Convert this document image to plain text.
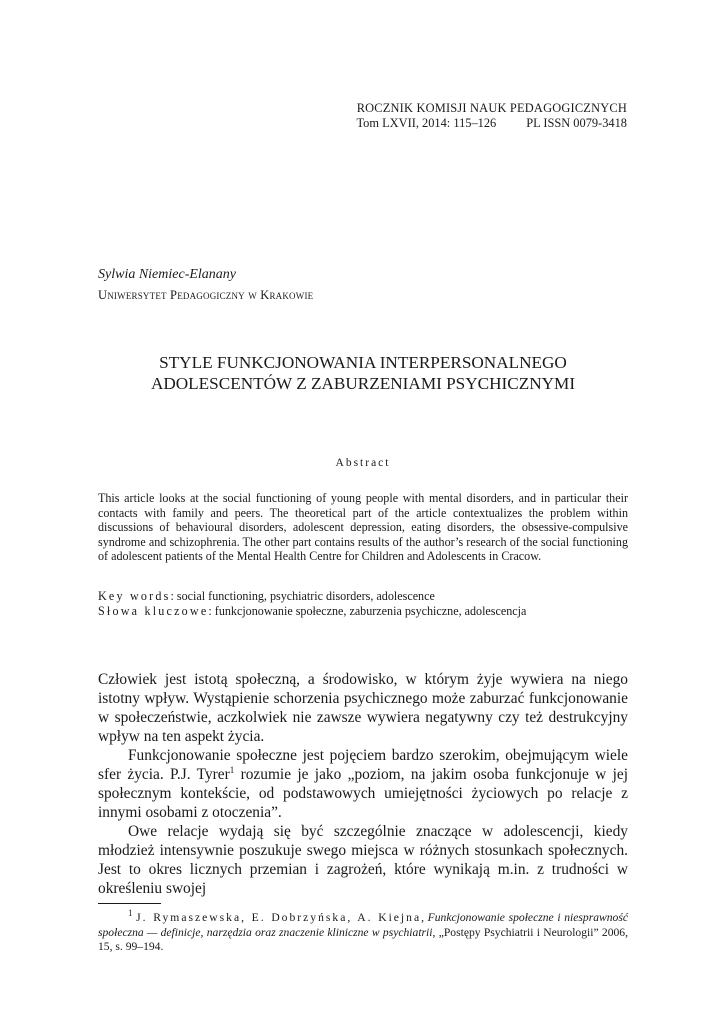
ROCZNIK KOMISJI NAUK PEDAGOGICZNYCH
Tom LXVII, 2014: 115–126 PL ISSN 0079-3418
Sylwia Niemiec-Elanany
Uniwersytet Pedagogiczny w Krakowie
STYLE FUNKCJONOWANIA INTERPERSONALNEGO
ADOLESCENTÓW Z ZABURZENIAMI PSYCHICZNYMI
Abstract
This article looks at the social functioning of young people with mental disorders, and in particular their contacts with family and peers. The theoretical part of the article contextualizes the problem within discussions of behavioural disorders, adolescent depression, eating disorders, the obsessive-compulsive syndrome and schizophrenia. The other part contains results of the author’s research of the social functioning of adolescent patients of the Mental Health Centre for Children and Adolescents in Cracow.
Key words: social functioning, psychiatric disorders, adolescence
Słowa kluczowe: funkcjonowanie społeczne, zaburzenia psychiczne, adolescencja

Człowiek jest istotą społeczną, a środowisko, w którym żyje wywiera na niego istotny wpływ. Wystąpienie schorzenia psychicznego może zaburzać funkcjonowanie w społeczeństwie, aczkolwiek nie zawsze wywiera negatywny czy też destrukcyjny wpływ na ten aspekt życia.

Funkcjonowanie społeczne jest pojęciem bardzo szerokim, obejmującym wiele sfer życia. P.J. Tyrer$^1$ rozumie je jako „poziom, na jakim osoba funkcjonuje w jej społecznym kontekście, od podstawowych umiejętności życiowych po relacje z innymi osobami z otoczenia”.

Owe relacje wydają się być szczególnie znaczące w adolescencji, kiedy młodzież intensywnie poszukuje swego miejsca w różnych stosunkach społecznych. Jest to okres licznych przemian i zagrożeń, które wynikają m.in. z trudności w określeniu swojej

$^1$ J. Rymaszewska, E. Dobrzyńska, A. Kiejna, Funkcjonowanie społeczne i niesprawność społeczna — definicje, narzędzia oraz znaczenie kliniczne w psychiatrii, „Postępy Psychiatrii i Neurologii” 2006, 15, s. 99–194.
